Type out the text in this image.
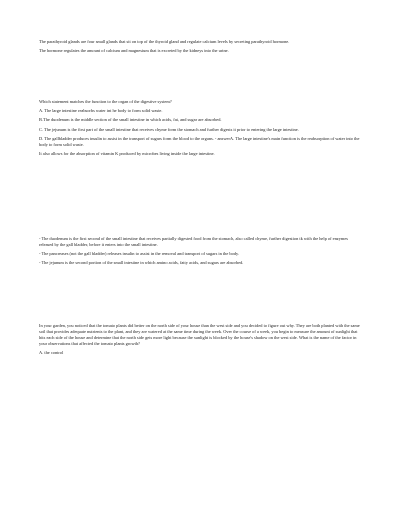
The parathyroid glands are four small glands that sit on top of the thyroid gland and regulate calcium levels by secreting parathyroid hormone.

The hormone regulates the amount of calcium and magnesium that is excreted by the kidneys into the urine.

Which statement matches the function to the organ of the digestive system?

A. The large intestine reabsorbs water int he body to form solid waste.

B.The duodenum is the middle section of the small intestine in which acids, fat, and sugar are absorbed.

C. The jejunum is the first part of the small intestine that receives chyme form the stomach and further digests it prior to entering the large intestine.

D. The gallbladder produces insulin to assist in the transport of sugars form the blood to the organs. - answerA. The large intestine's main function is the reabsorption of water into the body to form solid waste.

It also allows for the absorption of vitamin K produced by microbes living inside the large intestine.

- The duodenum is the first second of the small intestine that receives partially digested food from the stomach, also called chyme, further digestion tk with the help of enzymes released by the gall bladder, before it enters into the small intestine.

- The pancreases (not the gall bladder) releases insulin to assist in the removal and transport of sugars in the body.

- The jejunum is the second portion of the small intestine in which amino acids, fatty acids, and sugars are absorbed.

In your garden, you noticed that the tomato plants did better on the north side of your house than the west side and you decided to figure out why. They are both planted with the same soil that provides adequate nutrients to the plant, and they are watered at the same time during the week. Over the course of a week, you begin to measure the amount of sunlight that hits each side of the house and determine that the north side gets more light because the sunlight is blocked by the house's shadow on the west side. What is the name of the factor in your observations that affected the tomato plants growth?

A. the control
